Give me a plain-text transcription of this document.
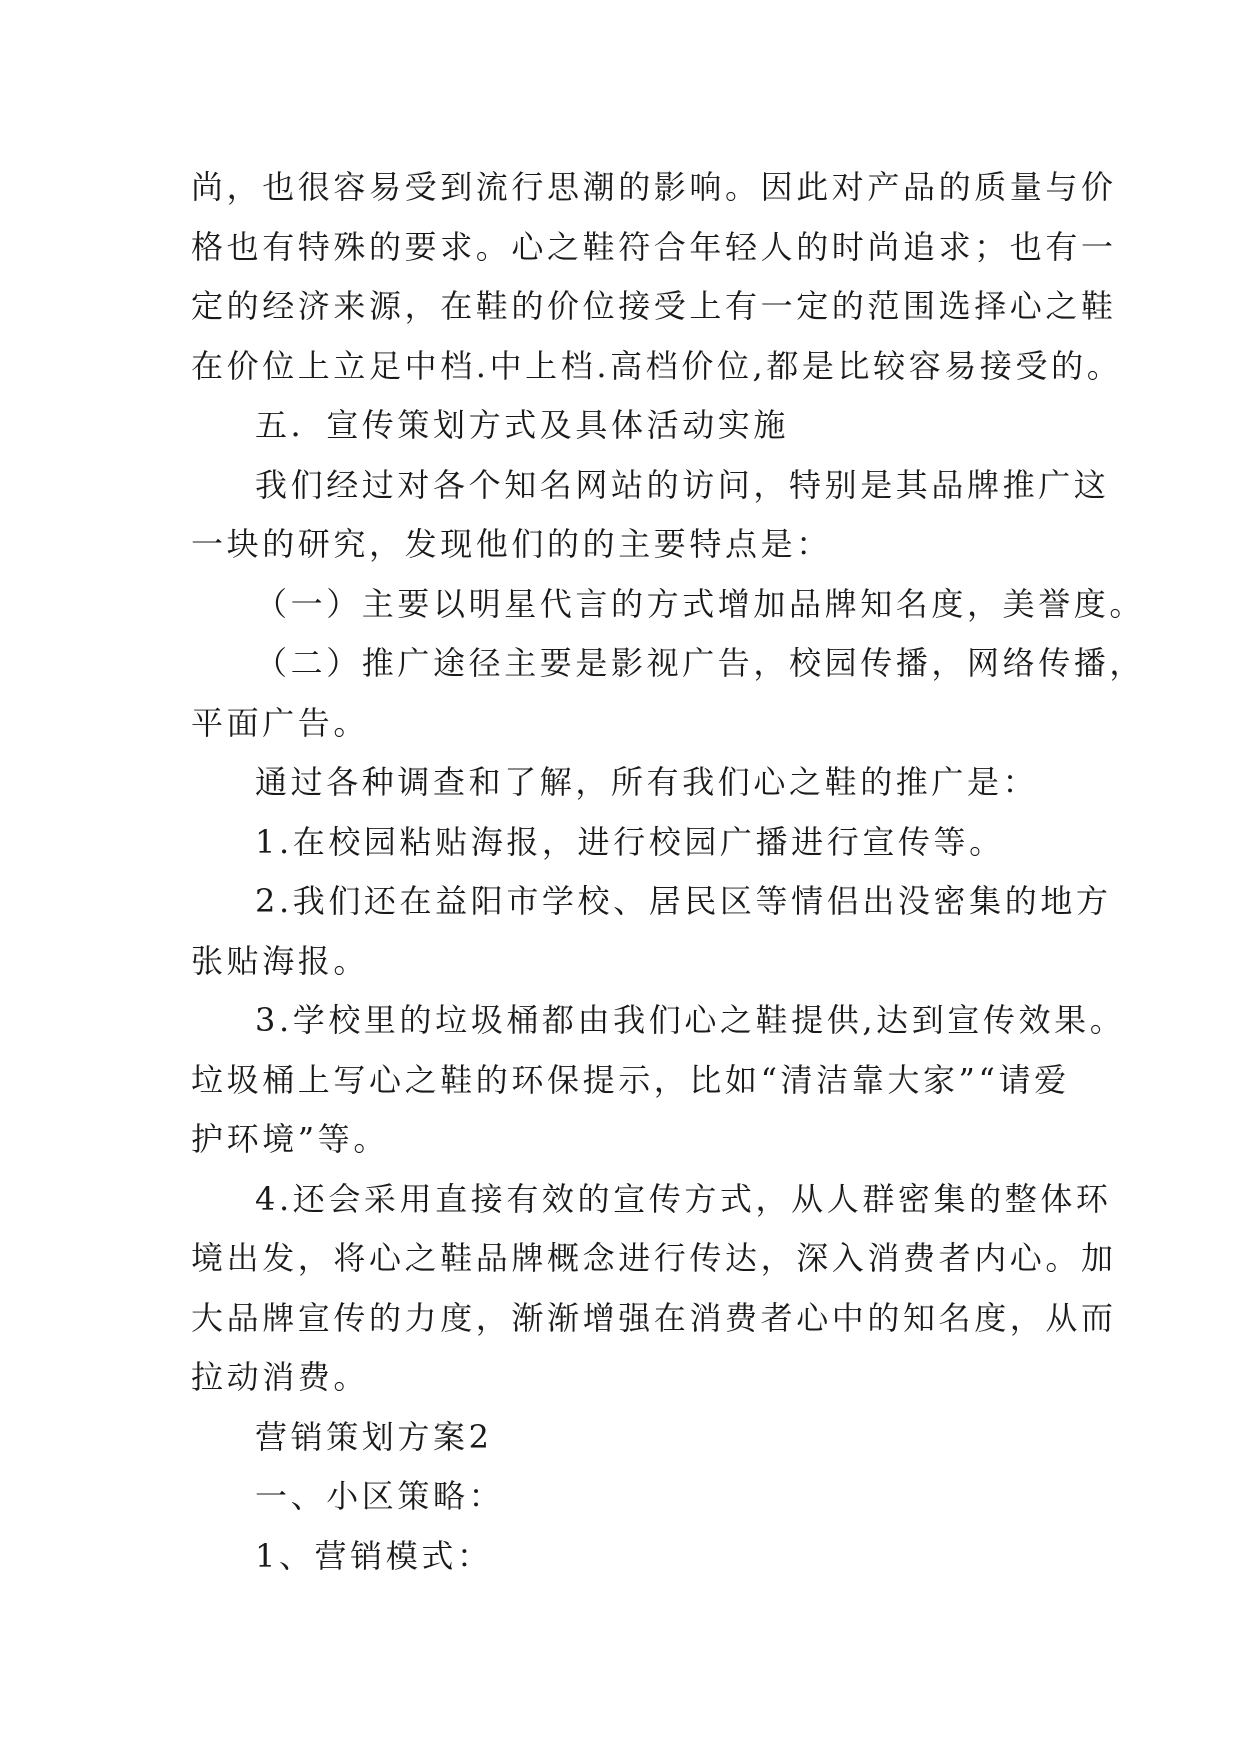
尚，也很容易受到流行思潮的影响。因此对产品的质量与价

格也有特殊的要求。心之鞋符合年轻人的时尚追求；也有一

定的经济来源，在鞋的价位接受上有一定的范围选择心之鞋

在价位上立足中档.中上档.高档价位,都是比较容易接受的。

五．宣传策划方式及具体活动实施

我们经过对各个知名网站的访问，特别是其品牌推广这

一块的研究，发现他们的的主要特点是：

（一）主要以明星代言的方式增加品牌知名度，美誉度。

（二）推广途径主要是影视广告，校园传播，网络传播，

平面广告。

通过各种调查和了解，所有我们心之鞋的推广是：

1.在校园粘贴海报，进行校园广播进行宣传等。

2.我们还在益阳市学校、居民区等情侣出没密集的地方

张贴海报。

3.学校里的垃圾桶都由我们心之鞋提供,达到宣传效果。

垃圾桶上写心之鞋的环保提示，比如“清洁靠大家”“请爱

护环境”等。

4.还会采用直接有效的宣传方式，从人群密集的整体环

境出发，将心之鞋品牌概念进行传达，深入消费者内心。加

大品牌宣传的力度，渐渐增强在消费者心中的知名度，从而

拉动消费。

营销策划方案2

一、小区策略：

1、营销模式：
